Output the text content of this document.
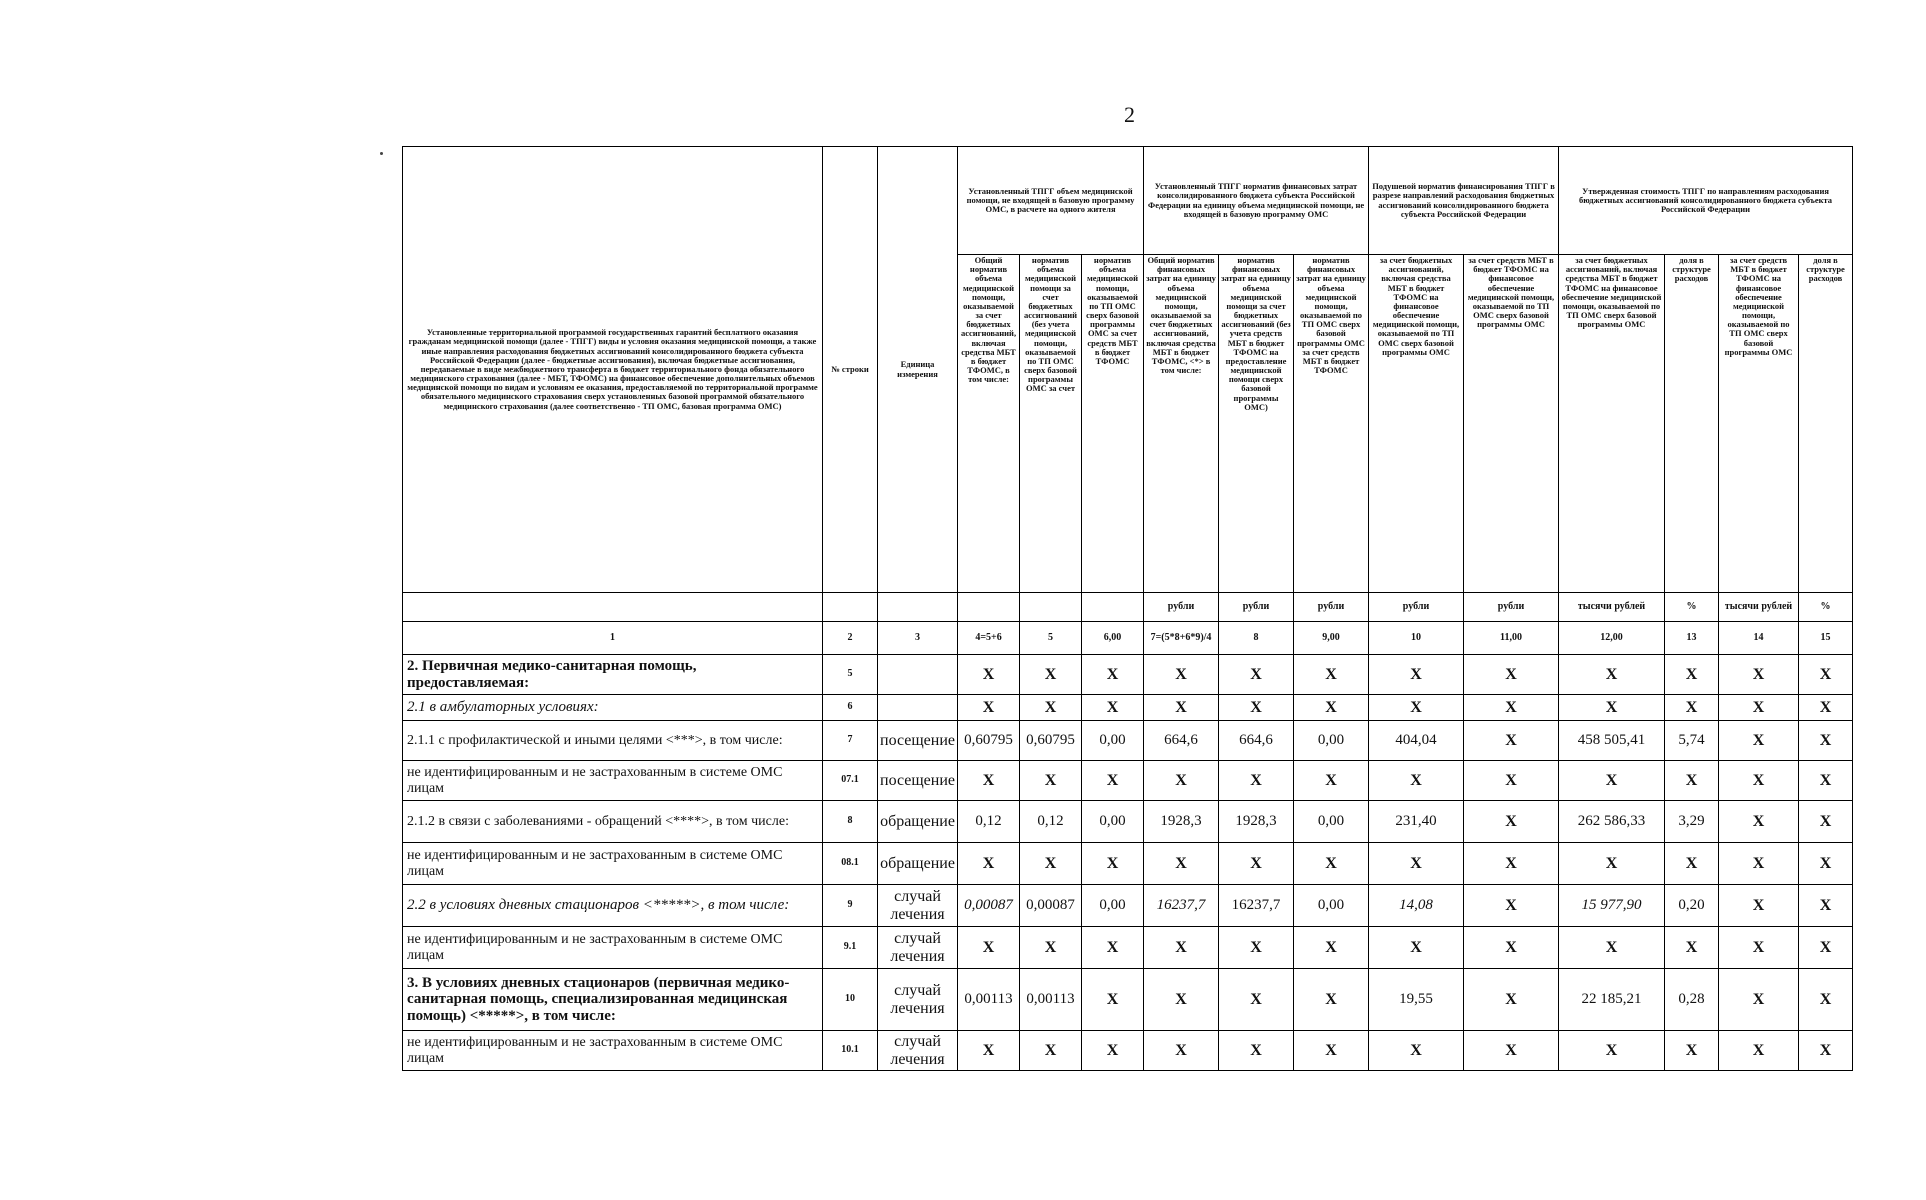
2
Установленные территориальной программой государственных гарантий бесплатного оказания гражданам медицинской помощи (далее - ТПГГ) виды и условия оказания медицинской помощи, а также иные направления расходования бюджетных ассигнований консолидированного бюджета субъекта Российской Федерации (далее - бюджетные ассигнования), включая бюджетные ассигнования, передаваемые в виде межбюджетного трансферта в бюджет территориального фонда обязательного медицинского страхования (далее - МБТ, ТФОМС) на финансовое обеспечение дополнительных объемов медицинской помощи по видам и условиям ее оказания, предоставляемой по территориальной программе обязательного медицинского страхования сверх установленных базовой программой обязательного медицинского страхования (далее соответственно - ТП ОМС, базовая программа ОМС)	№ строки	Единица измерения	Установленный ТПГГ объем медицинской помощи, не входящей в базовую программу ОМС, в расчете на одного жителя			Установленный ТПГГ норматив финансовых затрат консолидированного бюджета субъекта Российской Федерации на единицу объема медицинской помощи, не входящей в базовую программу ОМС			Подушевой норматив финансирования ТПГГ в разрезе направлений расходования бюджетных ассигнований консолидированного бюджета субъекта Российской Федерации		Утвержденная стоимость ТПГГ по направлениям расходования бюджетных ассигнований консолидированного бюджета субъекта Российской Федерации			
			Общий норматив объема медицинской помощи, оказываемой за счет бюджетных ассигнований, включая средства МБТ в бюджет ТФОМС, в том числе:	норматив объема медицинской помощи за счет бюджетных ассигнований (без учета медицинской помощи, оказываемой по ТП ОМС сверх базовой программы ОМС за счет	норматив объема медицинской помощи, оказываемой по ТП ОМС сверх базовой программы ОМС за счет средств МБТ в бюджет ТФОМС	Общий норматив финансовых затрат на единицу объема медицинской помощи, оказываемой за счет бюджетных ассигнований, включая средства МБТ в бюджет ТФОМС, <*> в том числе:	норматив финансовых затрат на единицу объема медицинской помощи за счет бюджетных ассигнований (без учета средств МБТ в бюджет ТФОМС на предоставление медицинской помощи сверх базовой программы ОМС)	норматив финансовых затрат на единицу объема медицинской помощи, оказываемой по ТП ОМС сверх базовой программы ОМС за счет средств МБТ в бюджет ТФОМС	за счет бюджетных ассигнований, включая средства МБТ в бюджет ТФОМС на финансовое обеспечение медицинской помощи, оказываемой по ТП ОМС сверх базовой программы ОМС	за счет средств МБТ в бюджет ТФОМС на финансовое обеспечение медицинской помощи, оказываемой по ТП ОМС сверх базовой программы ОМС	за счет бюджетных ассигнований, включая средства МБТ в бюджет ТФОМС на финансовое обеспечение медицинской помощи, оказываемой по ТП ОМС сверх базовой программы ОМС	доля в структуре расходов	за счет средств МБТ в бюджет ТФОМС на финансовое обеспечение медицинской помощи, оказываемой по ТП ОМС сверх базовой программы ОМС	доля в структуре расходов
						рубли	рубли	рубли	рубли	рубли	тысячи рублей	%	тысячи рублей	%
1	2	3	4=5+6	5	6,00	7=(5*8+6*9)/4	8	9,00	10	11,00	12,00	13	14	15
2. Первичная медико-санитарная помощь, предоставляемая:	5		X	X	X	X	X	X	X	X	X	X	X	X
2.1 в амбулаторных условиях:	6		X	X	X	X	X	X	X	X	X	X	X	X
2.1.1 с профилактической и иными целями <***>, в том числе:	7	посещение	0,60795	0,60795	0,00	664,6	664,6	0,00	404,04	X	458 505,41	5,74	X	X
не идентифицированным и не застрахованным в системе ОМС лицам	07.1	посещение	X	X	X	X	X	X	X	X	X	X	X	X
2.1.2 в связи с заболеваниями - обращений <****>, в том числе:	8	обращение	0,12	0,12	0,00	1928,3	1928,3	0,00	231,40	X	262 586,33	3,29	X	X
не идентифицированным и не застрахованным в системе ОМС лицам	08.1	обращение	X	X	X	X	X	X	X	X	X	X	X	X
2.2 в условиях дневных стационаров <*****>, в том числе:	9	случай лечения	0,00087	0,00087	0,00	16237,7	16237,7	0,00	14,08	X	15 977,90	0,20	X	X
не идентифицированным и не застрахованным в системе ОМС лицам	9.1	случай лечения	X	X	X	X	X	X	X	X	X	X	X	X
3. В условиях дневных стационаров (первичная медико-санитарная помощь, специализированная медицинская помощь) <*****>, в том числе:	10	случай лечения	0,00113	0,00113	X	X	X	X	19,55	X	22 185,21	0,28	X	X
не идентифицированным и не застрахованным в системе ОМС лицам	10.1	случай лечения	X	X	X	X	X	X	X	X	X	X	X	X
